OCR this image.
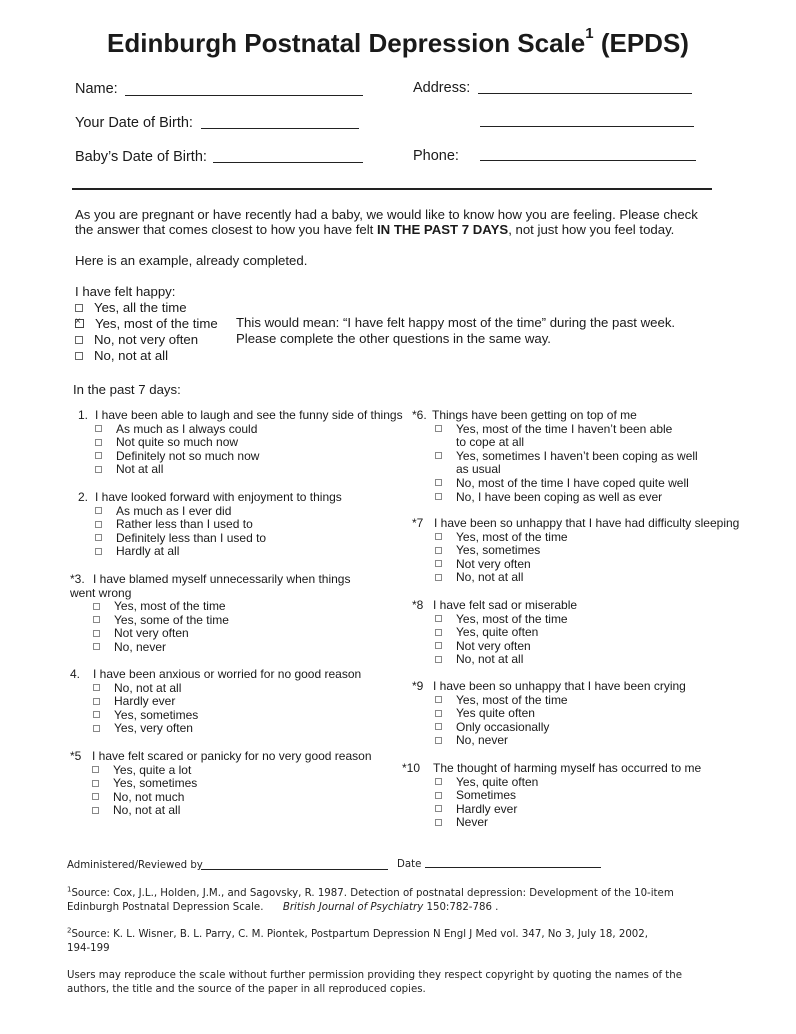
Edinburgh Postnatal Depression Scale$^1$ (EPDS)
Name:	Address:
Your Date of Birth:
Baby’s Date of Birth:	Phone:
As you are pregnant or have recently had a baby, we would like to know how you are feeling. Please check
the answer that comes closest to how you have felt IN THE PAST 7 DAYS, not just how you feel today.
Here is an example, already completed.
I have felt happy:
Yes, all the time
×Yes, most of the time
No, not very often
No, not at all
This would mean: “I have felt happy most of the time” during the past week.
Please complete the other questions in the same way.
In the past 7 days:
1. I have been able to laugh and see the funny side of things
As much as I always could
Not quite so much now
Definitely not so much now
Not at all
2. I have looked forward with enjoyment to things
As much as I ever did
Rather less than I used to
Definitely less than I used to
Hardly at all
*3. I have blamed myself unnecessarily when things
went wrong
Yes, most of the time
Yes, some of the time
Not very often
No, never
4. I have been anxious or worried for no good reason
No, not at all
Hardly ever
Yes, sometimes
Yes, very often
*5 I have felt scared or panicky for no very good reason
Yes, quite a lot
Yes, sometimes
No, not much
No, not at all
*6. Things have been getting on top of me
Yes, most of the time I haven’t been able
to cope at all
Yes, sometimes I haven’t been coping as well
as usual
No, most of the time I have coped quite well
No, I have been coping as well as ever
*7 I have been so unhappy that I have had difficulty sleeping
Yes, most of the time
Yes, sometimes
Not very often
No, not at all
*8 I have felt sad or miserable
Yes, most of the time
Yes, quite often
Not very often
No, not at all
*9 I have been so unhappy that I have been crying
Yes, most of the time
Yes quite often
Only occasionally
No, never
*10 The thought of harming myself has occurred to me
Yes, quite often
Sometimes
Hardly ever
Never
Administered/Reviewed by	Date
$^1$Source: Cox, J.L., Holden, J.M., and Sagovsky, R. 1987. Detection of postnatal depression: Development of the 10-item
Edinburgh Postnatal Depression Scale. British Journal of Psychiatry 150:782-786 .
$^2$Source: K. L. Wisner, B. L. Parry, C. M. Piontek, Postpartum Depression N Engl J Med vol. 347, No 3, July 18, 2002,
194-199
Users may reproduce the scale without further permission providing they respect copyright by quoting the names of the
authors, the title and the source of the paper in all reproduced copies.
